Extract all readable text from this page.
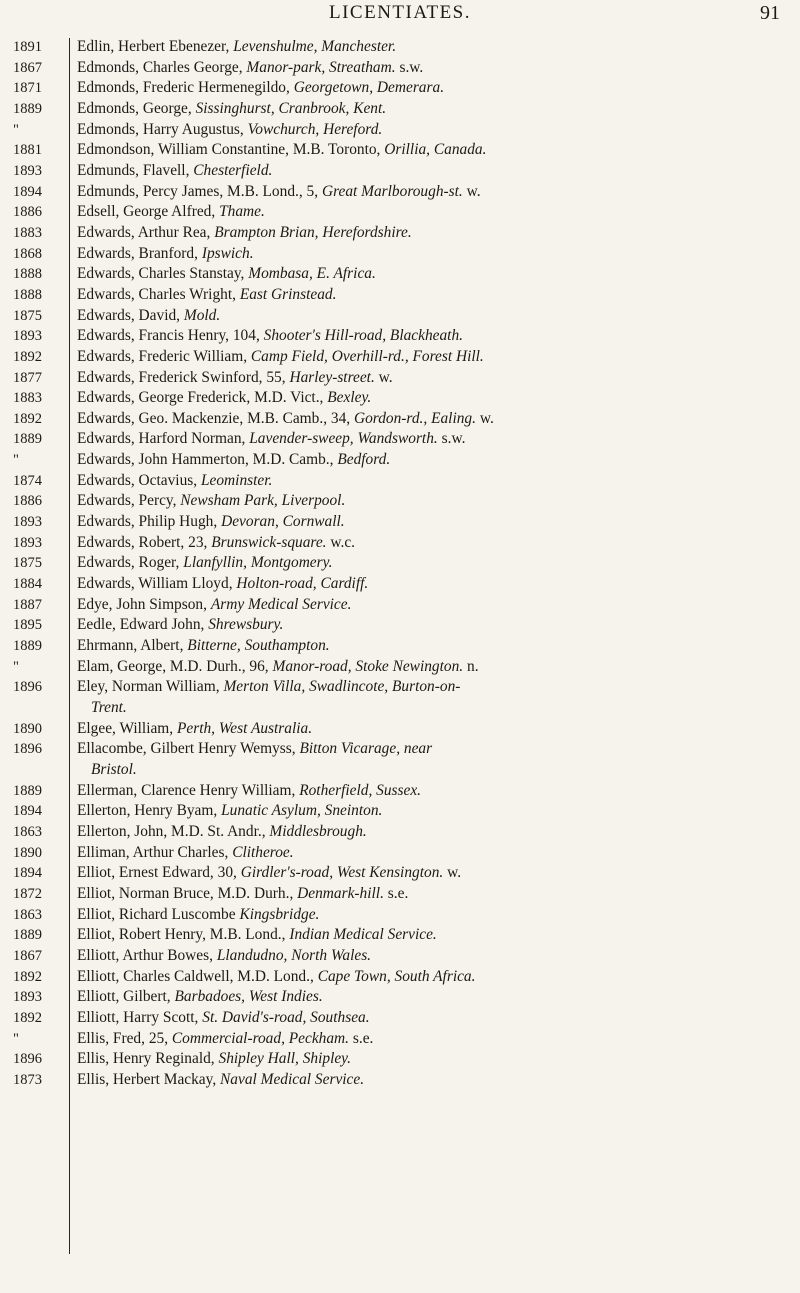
LICENTIATES.	91
1891	Edlin, Herbert Ebenezer, Levenshulme, Manchester.
1867	Edmonds, Charles George, Manor-park, Streatham. s.w.
1871	Edmonds, Frederic Hermenegildo, Georgetown, Demerara.
1889	Edmonds, George, Sissinghurst, Cranbrook, Kent.
"	Edmonds, Harry Augustus, Vowchurch, Hereford.
1881	Edmondson, William Constantine, M.B. Toronto, Orillia, Canada.
1893	Edmunds, Flavell, Chesterfield.
1894	Edmunds, Percy James, M.B. Lond., 5, Great Marlborough-st. w.
1886	Edsell, George Alfred, Thame.
1883	Edwards, Arthur Rea, Brampton Brian, Herefordshire.
1868	Edwards, Branford, Ipswich.
1888	Edwards, Charles Stanstay, Mombasa, E. Africa.
1888	Edwards, Charles Wright, East Grinstead.
1875	Edwards, David, Mold.
1893	Edwards, Francis Henry, 104, Shooter's Hill-road, Blackheath.
1892	Edwards, Frederic William, Camp Field, Overhill-rd., Forest Hill.
1877	Edwards, Frederick Swinford, 55, Harley-street. w.
1883	Edwards, George Frederick, M.D. Vict., Bexley.
1892	Edwards, Geo. Mackenzie, M.B. Camb., 34, Gordon-rd., Ealing. w.
1889	Edwards, Harford Norman, Lavender-sweep, Wandsworth. s.w.
"	Edwards, John Hammerton, M.D. Camb., Bedford.
1874	Edwards, Octavius, Leominster.
1886	Edwards, Percy, Newsham Park, Liverpool.
1893	Edwards, Philip Hugh, Devoran, Cornwall.
1893	Edwards, Robert, 23, Brunswick-square. w.c.
1875	Edwards, Roger, Llanfyllin, Montgomery.
1884	Edwards, William Lloyd, Holton-road, Cardiff.
1887	Edye, John Simpson, Army Medical Service.
1895	Eedle, Edward John, Shrewsbury.
1889	Ehrmann, Albert, Bitterne, Southampton.
"	Elam, George, M.D. Durh., 96, Manor-road, Stoke Newington. n.
1896	Eley, Norman William, Merton Villa, Swadlincote, Burton-on-
Trent.
1890	Elgee, William, Perth, West Australia.
1896	Ellacombe, Gilbert Henry Wemyss, Bitton Vicarage, near
Bristol.
1889	Ellerman, Clarence Henry William, Rotherfield, Sussex.
1894	Ellerton, Henry Byam, Lunatic Asylum, Sneinton.
1863	Ellerton, John, M.D. St. Andr., Middlesbrough.
1890	Elliman, Arthur Charles, Clitheroe.
1894	Elliot, Ernest Edward, 30, Girdler's-road, West Kensington. w.
1872	Elliot, Norman Bruce, M.D. Durh., Denmark-hill. s.e.
1863	Elliot, Richard Luscombe Kingsbridge.
1889	Elliot, Robert Henry, M.B. Lond., Indian Medical Service.
1867	Elliott, Arthur Bowes, Llandudno, North Wales.
1892	Elliott, Charles Caldwell, M.D. Lond., Cape Town, South Africa.
1893	Elliott, Gilbert, Barbadoes, West Indies.
1892	Elliott, Harry Scott, St. David's-road, Southsea.
"	Ellis, Fred, 25, Commercial-road, Peckham. s.e.
1896	Ellis, Henry Reginald, Shipley Hall, Shipley.
1873	Ellis, Herbert Mackay, Naval Medical Service.
